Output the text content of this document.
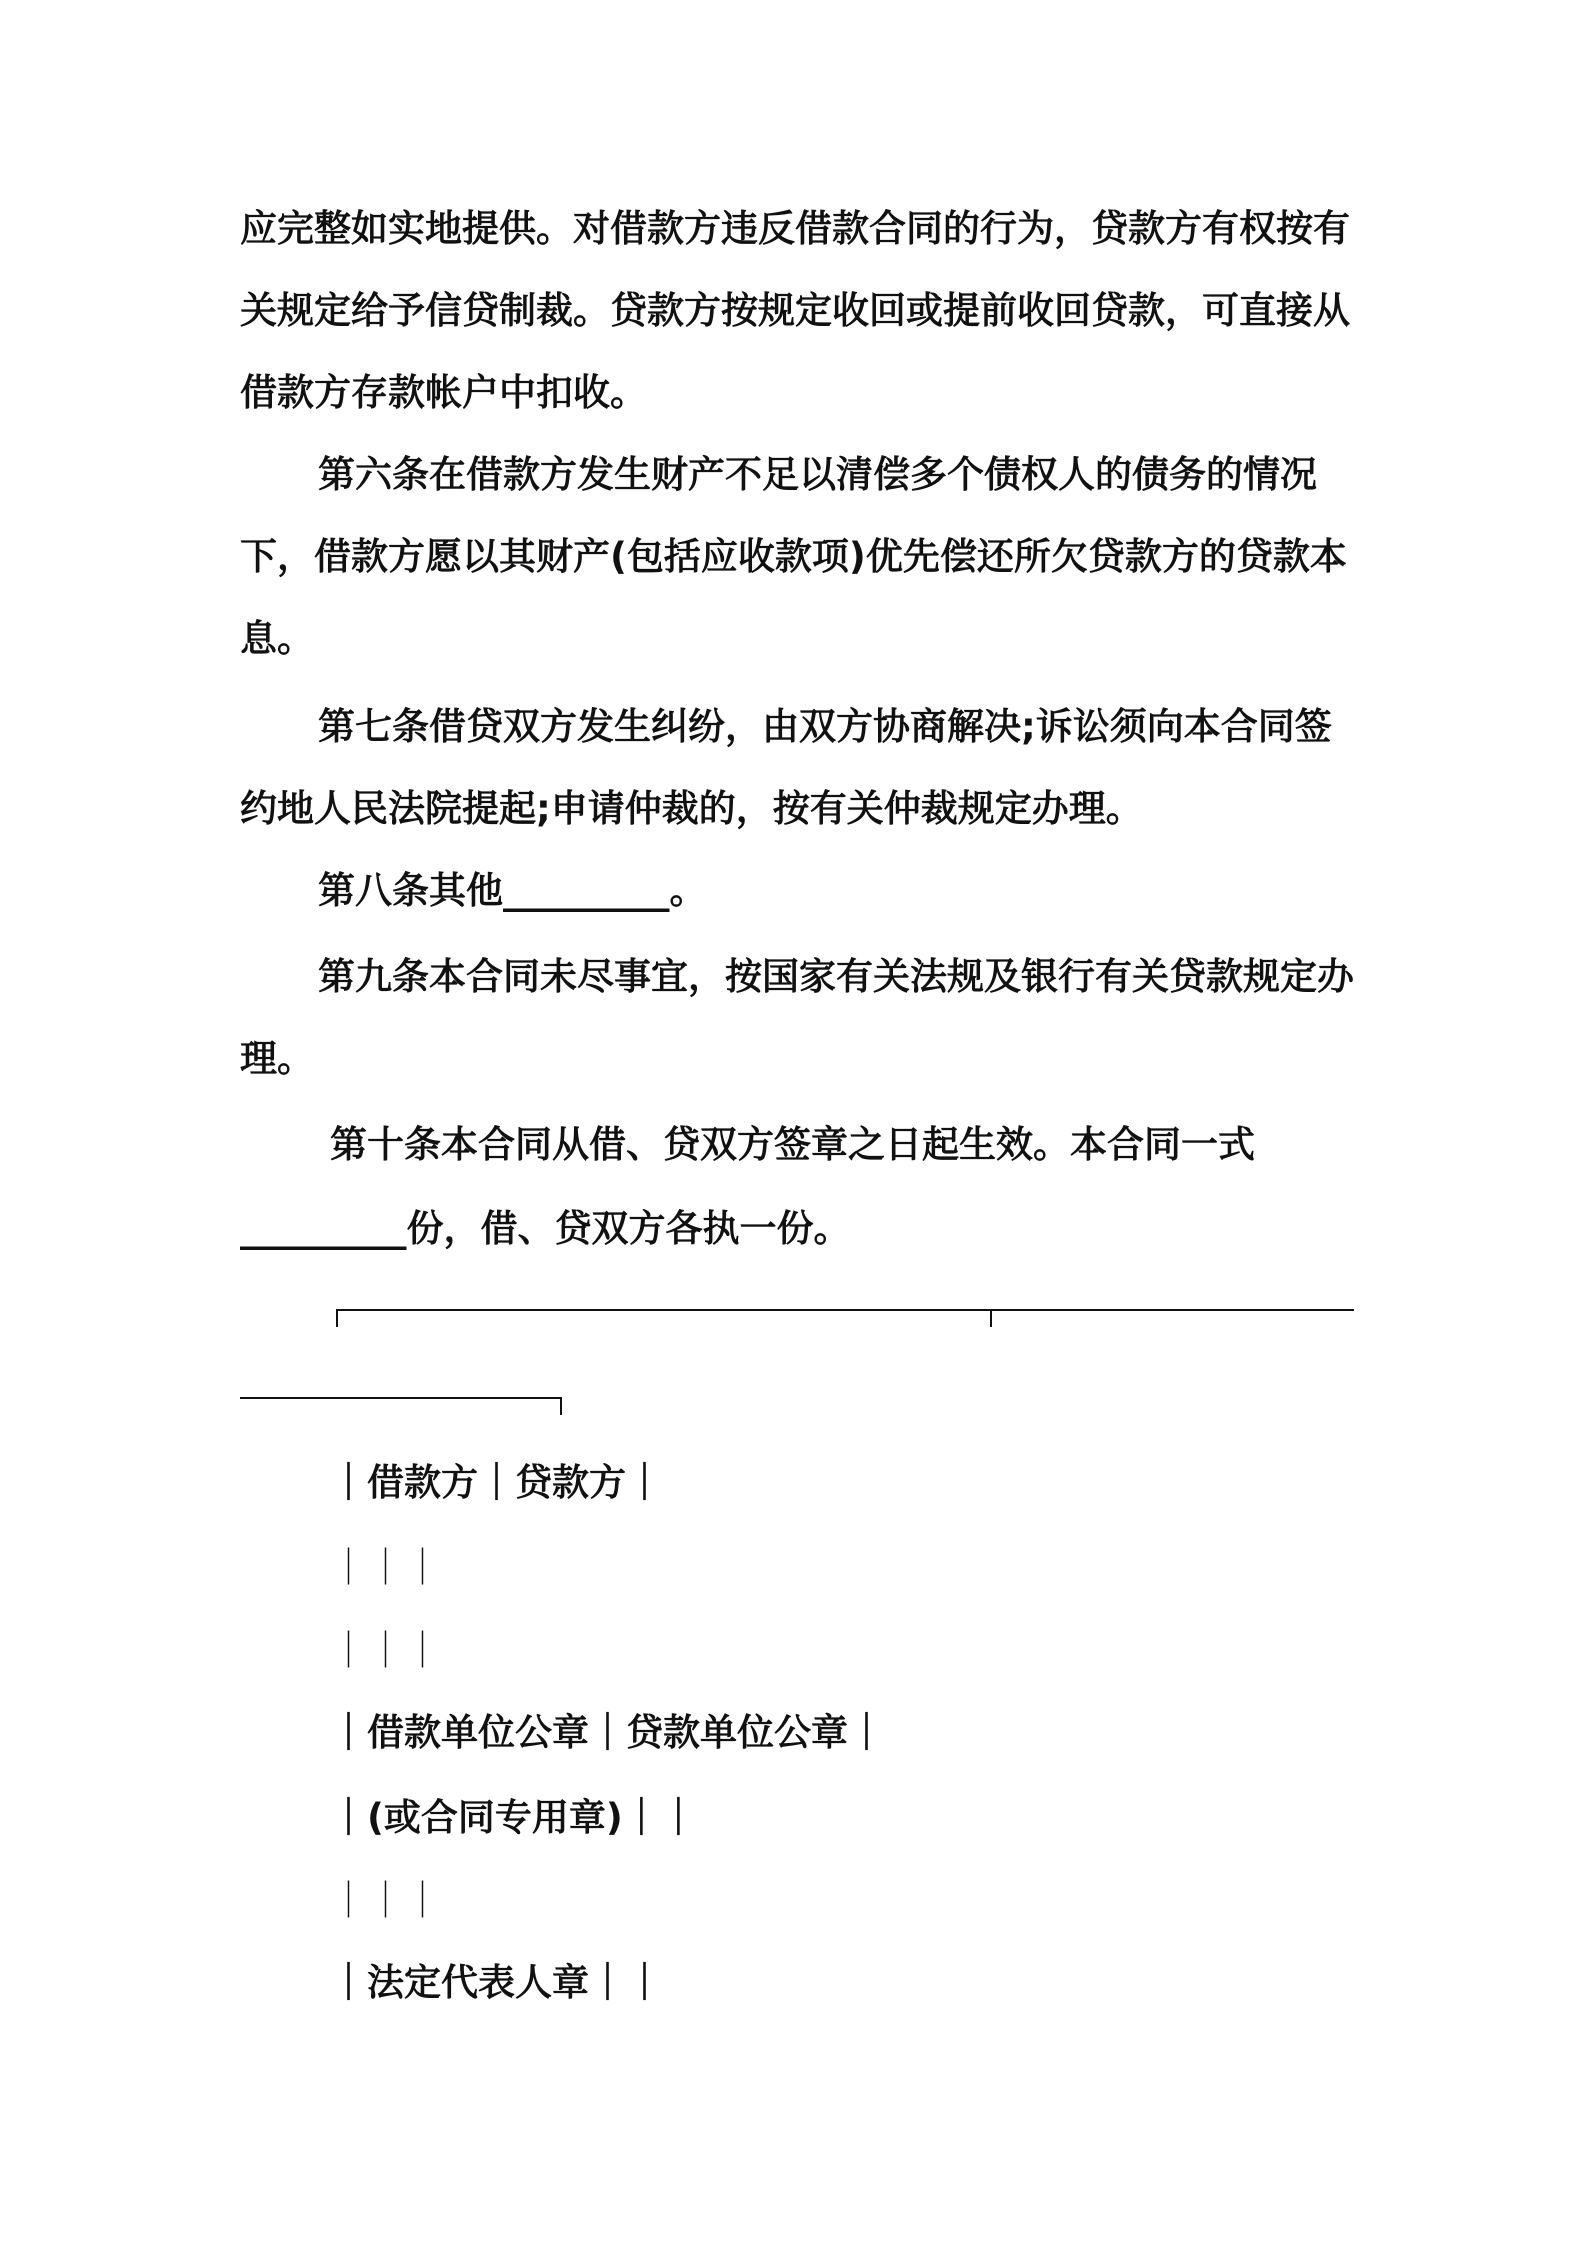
应完整如实地提供。对借款方违反借款合同的行为，贷款方有权按有
关规定给予信贷制裁。贷款方按规定收回或提前收回贷款，可直接从
借款方存款帐户中扣收。
第六条在借款方发生财产不足以清偿多个债权人的债务的情况
下，借款方愿以其财产(包括应收款项)优先偿还所欠贷款方的贷款本
息。
第七条借贷双方发生纠纷，由双方协商解决;诉讼须向本合同签
约地人民法院提起;申请仲裁的，按有关仲裁规定办理。
第八条其他_________。
第九条本合同未尽事宜，按国家有关法规及银行有关贷款规定办
理。
第十条本合同从借、贷双方签章之日起生效。本合同一式
_________份，借、贷双方各执一份。
｜借款方｜贷款方｜
｜｜｜
｜｜｜
｜借款单位公章｜贷款单位公章｜
｜(或合同专用章)｜｜
｜｜｜
｜法定代表人章｜｜
